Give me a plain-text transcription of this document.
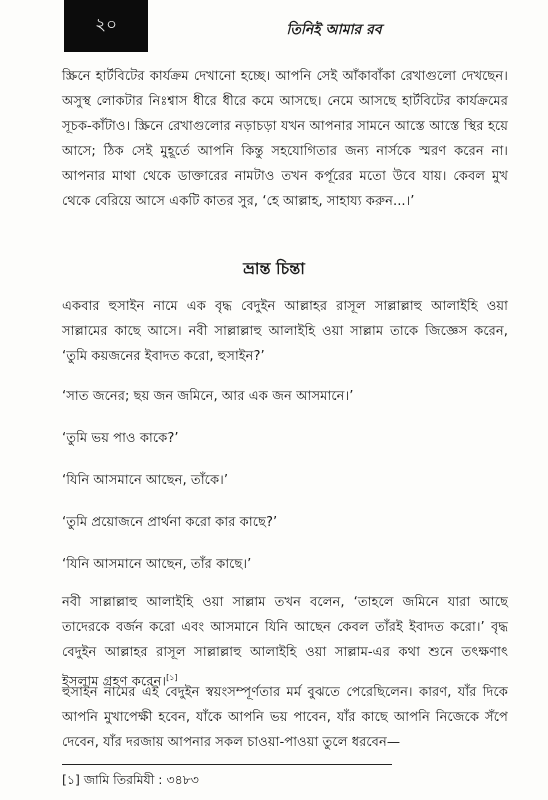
২০	তিনিই আমার রব

স্ক্রিনে হার্টবিটের কার্যক্রম দেখানো হচ্ছে। আপনি সেই আঁকাবাঁকা রেখাগুলো দেখছেন। অসুস্থ লোকটার নিঃশ্বাস ধীরে ধীরে কমে আসছে। নেমে আসছে হার্টবিটের কার্যক্রমের সূচক-কাঁটাও। স্ক্রিনে রেখাগুলোর নড়াচড়া যখন আপনার সামনে আস্তে আস্তে স্থির হয়ে আসে; ঠিক সেই মুহূর্তে আপনি কিন্তু সহযোগিতার জন্য নার্সকে স্মরণ করেন না। আপনার মাথা থেকে ডাক্তারের নামটাও তখন কর্পূরের মতো উবে যায়। কেবল মুখ থেকে বেরিয়ে আসে একটি কাতর সুর, ‘হে আল্লাহ, সাহায্য করুন...।’

ভ্রান্ত চিন্তা

একবার হুসাইন নামে এক বৃদ্ধ বেদুইন আল্লাহর রাসূল সাল্লাল্লাহু আলাইহি ওয়া সাল্লামের কাছে আসে। নবী সাল্লাল্লাহু আলাইহি ওয়া সাল্লাম তাকে জিজ্ঞেস করেন, ‘তুমি কয়জনের ইবাদত করো, হুসাইন?’

‘সাত জনের; ছয় জন জমিনে, আর এক জন আসমানে।’
‘তুমি ভয় পাও কাকে?’
‘যিনি আসমানে আছেন, তাঁকে।’
‘তুমি প্রয়োজনে প্রার্থনা করো কার কাছে?’
‘যিনি আসমানে আছেন, তাঁর কাছে।’

নবী সাল্লাল্লাহু আলাইহি ওয়া সাল্লাম তখন বলেন, ‘তাহলে জমিনে যারা আছে তাদেরকে বর্জন করো এবং আসমানে যিনি আছেন কেবল তাঁরই ইবাদত করো।’ বৃদ্ধ বেদুইন আল্লাহর রাসূল সাল্লাল্লাহু আলাইহি ওয়া সাল্লাম-এর কথা শুনে তৎক্ষণাৎ ইসলাম গ্রহণ করেন।[১]

হুসাইন নামের এই বেদুইন স্বয়ংসম্পূর্ণতার মর্ম বুঝতে পেরেছিলেন। কারণ, যাঁর দিকে আপনি মুখাপেক্ষী হবেন, যাঁকে আপনি ভয় পাবেন, যাঁর কাছে আপনি নিজেকে সঁপে দেবেন, যাঁর দরজায় আপনার সকল চাওয়া-পাওয়া তুলে ধরবেন—

[১] জামি তিরমিযী : ৩৪৮৩
